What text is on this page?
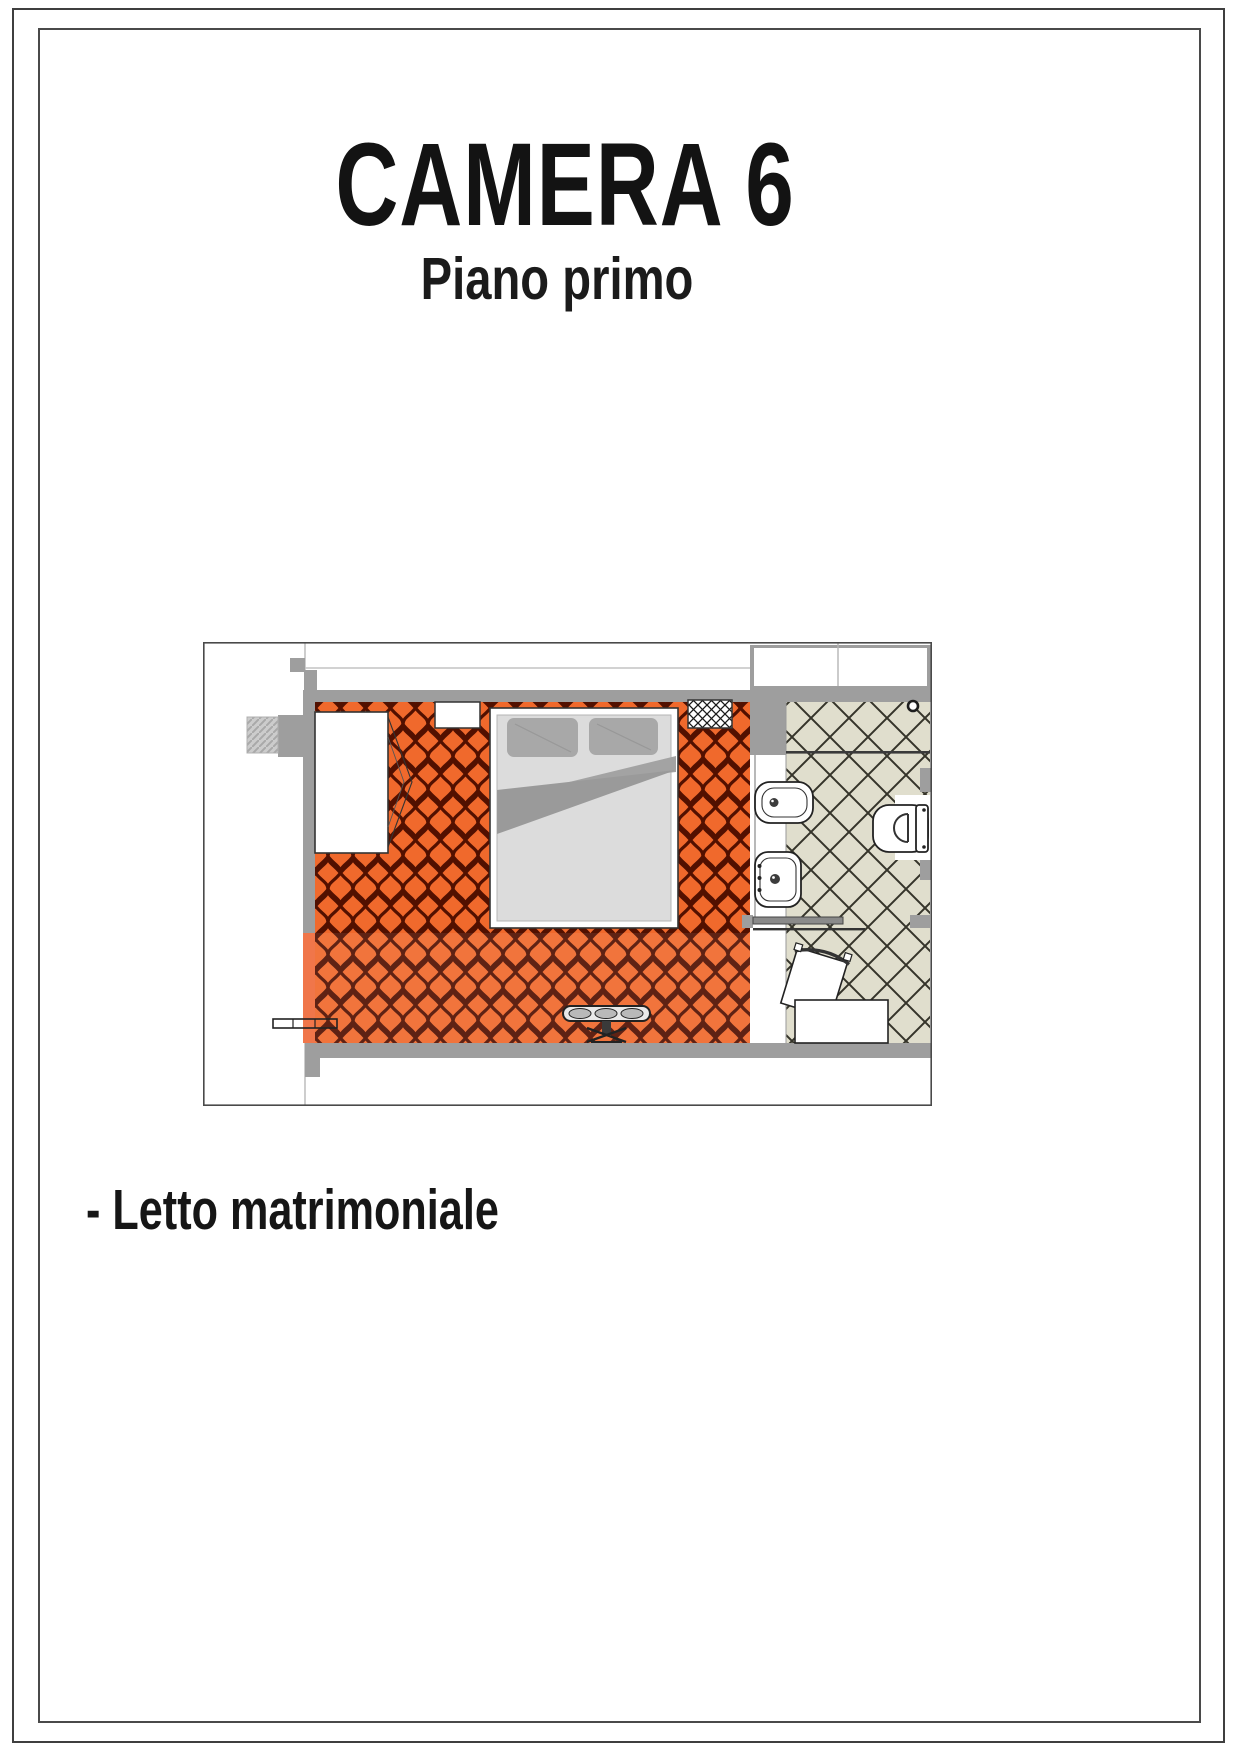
CAMERA 6
Piano primo
- Letto matrimoniale
